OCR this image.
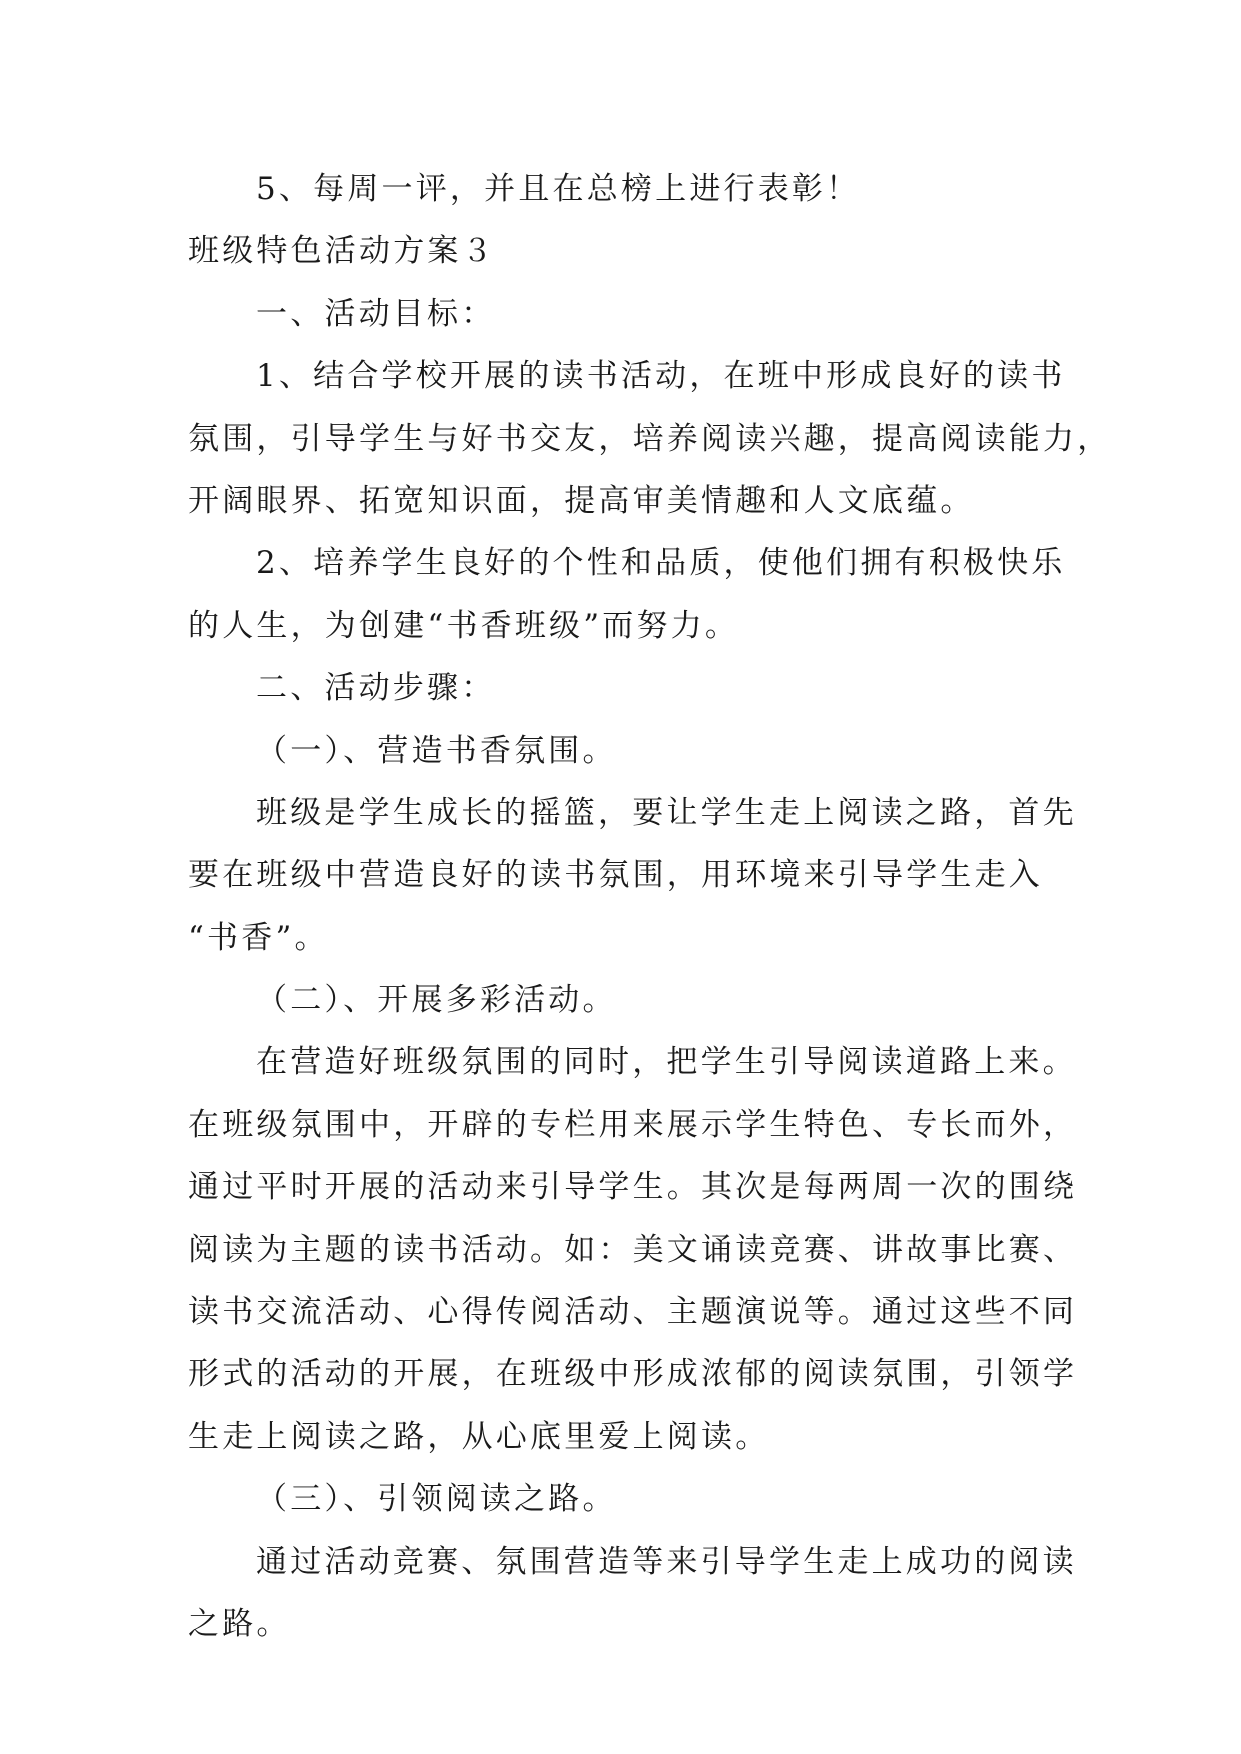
5、每周一评，并且在总榜上进行表彰！
班级特色活动方案３
一、活动目标：
1、结合学校开展的读书活动，在班中形成良好的读书
氛围，引导学生与好书交友，培养阅读兴趣，提高阅读能力，
开阔眼界、拓宽知识面，提高审美情趣和人文底蕴。
2、培养学生良好的个性和品质，使他们拥有积极快乐
的人生，为创建“书香班级”而努力。
二、活动步骤：
（一）、营造书香氛围。
班级是学生成长的摇篮，要让学生走上阅读之路，首先
要在班级中营造良好的读书氛围，用环境来引导学生走入
“书香”。
（二）、开展多彩活动。
在营造好班级氛围的同时，把学生引导阅读道路上来。
在班级氛围中，开辟的专栏用来展示学生特色、专长而外，
通过平时开展的活动来引导学生。其次是每两周一次的围绕
阅读为主题的读书活动。如：美文诵读竞赛、讲故事比赛、
读书交流活动、心得传阅活动、主题演说等。通过这些不同
形式的活动的开展，在班级中形成浓郁的阅读氛围，引领学
生走上阅读之路，从心底里爱上阅读。
（三）、引领阅读之路。
通过活动竞赛、氛围营造等来引导学生走上成功的阅读
之路。
